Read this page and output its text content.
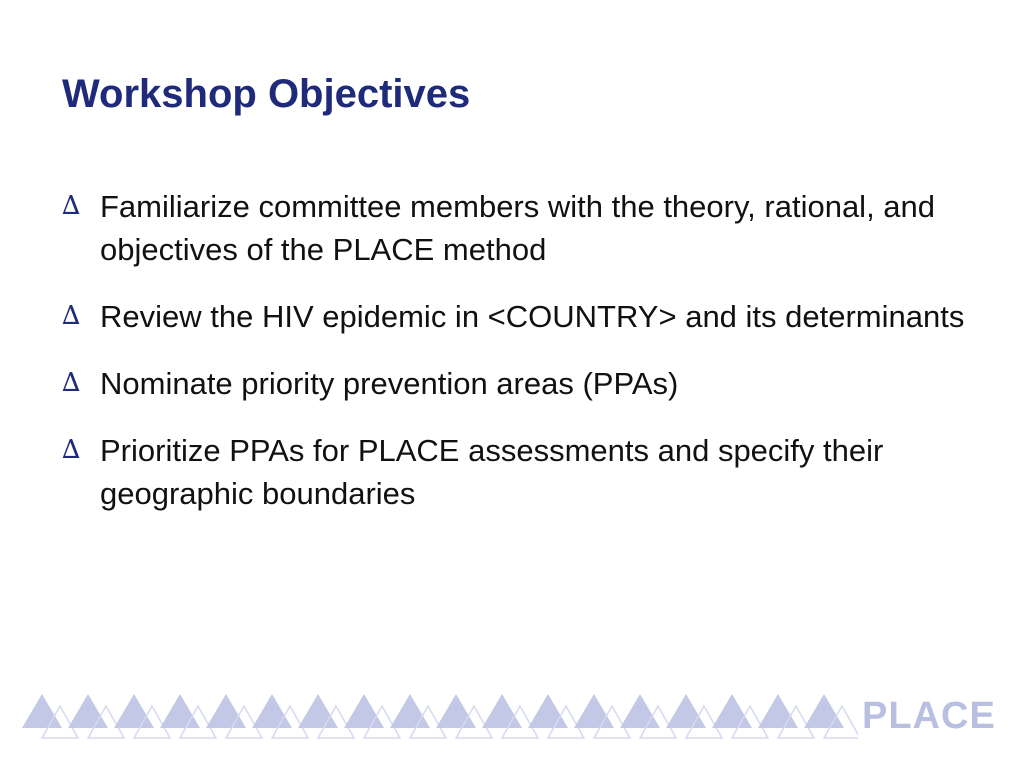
Workshop Objectives
∆ Familiarize committee members with the theory, rational, and objectives of the PLACE method
∆ Review the HIV epidemic in <COUNTRY> and its determinants
∆ Nominate priority prevention areas (PPAs)
∆ Prioritize PPAs for PLACE assessments and specify their geographic boundaries
PLACE
